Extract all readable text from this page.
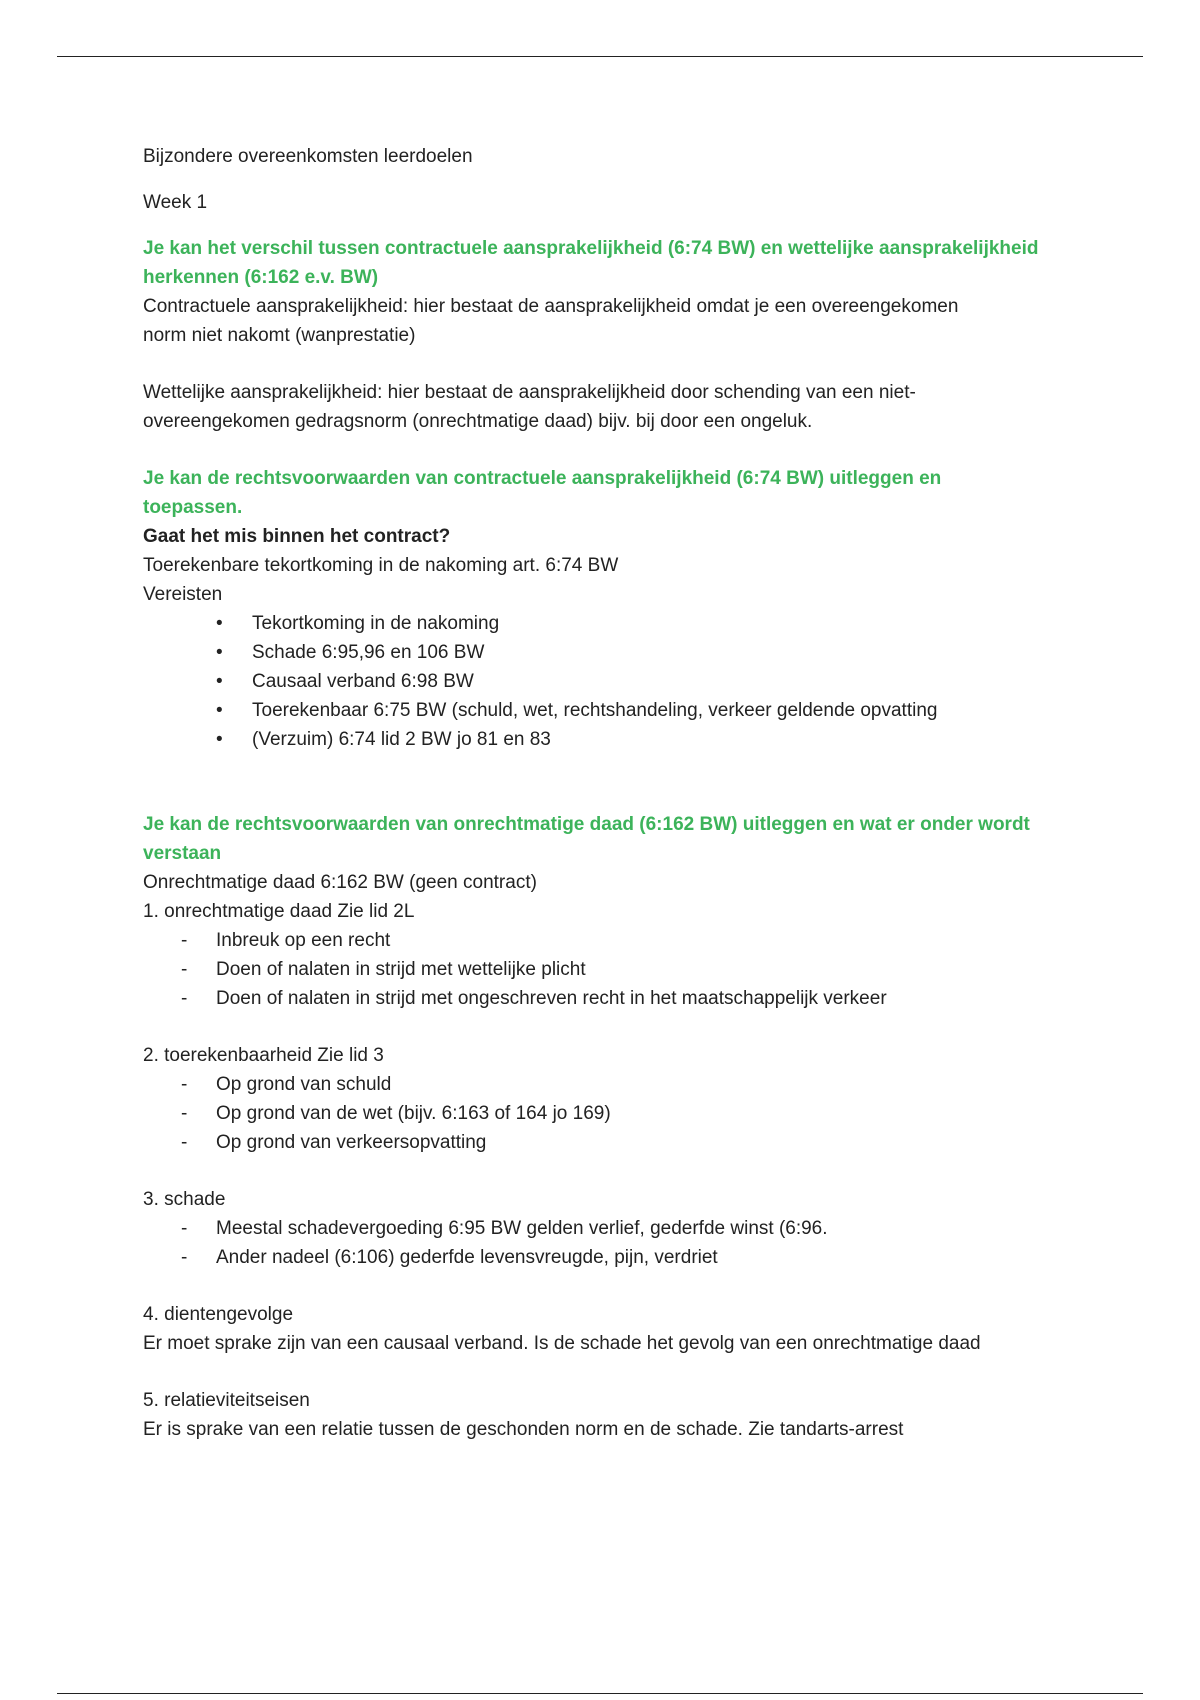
Bijzondere overeenkomsten leerdoelen

Week 1

Je kan het verschil tussen contractuele aansprakelijkheid (6:74 BW) en wettelijke aansprakelijkheid

herkennen (6:162 e.v. BW)

Contractuele aansprakelijkheid: hier bestaat de aansprakelijkheid omdat je een overeengekomen

norm niet nakomt (wanprestatie)

Wettelijke aansprakelijkheid: hier bestaat de aansprakelijkheid door schending van een niet-

overeengekomen gedragsnorm (onrechtmatige daad) bijv. bij door een ongeluk.

Je kan de rechtsvoorwaarden van contractuele aansprakelijkheid (6:74 BW) uitleggen en

toepassen.

Gaat het mis binnen het contract?

Toerekenbare tekortkoming in de nakoming art. 6:74 BW

Vereisten

• Tekortkoming in de nakoming
• Schade 6:95,96 en 106 BW
• Causaal verband 6:98 BW
• Toerekenbaar 6:75 BW (schuld, wet, rechtshandeling, verkeer geldende opvatting
• (Verzuim) 6:74 lid 2 BW jo 81 en 83

Je kan de rechtsvoorwaarden van onrechtmatige daad (6:162 BW) uitleggen en wat er onder wordt

verstaan

Onrechtmatige daad 6:162 BW (geen contract)

1. onrechtmatige daad Zie lid 2L

- Inbreuk op een recht
- Doen of nalaten in strijd met wettelijke plicht
- Doen of nalaten in strijd met ongeschreven recht in het maatschappelijk verkeer

2. toerekenbaarheid Zie lid 3

- Op grond van schuld
- Op grond van de wet (bijv. 6:163 of 164 jo 169)
- Op grond van verkeersopvatting

3. schade

- Meestal schadevergoeding 6:95 BW gelden verlief, gederfde winst (6:96.
- Ander nadeel (6:106) gederfde levensvreugde, pijn, verdriet

4. dientengevolge

Er moet sprake zijn van een causaal verband. Is de schade het gevolg van een onrechtmatige daad

5. relatieviteitseisen

Er is sprake van een relatie tussen de geschonden norm en de schade. Zie tandarts-arrest
